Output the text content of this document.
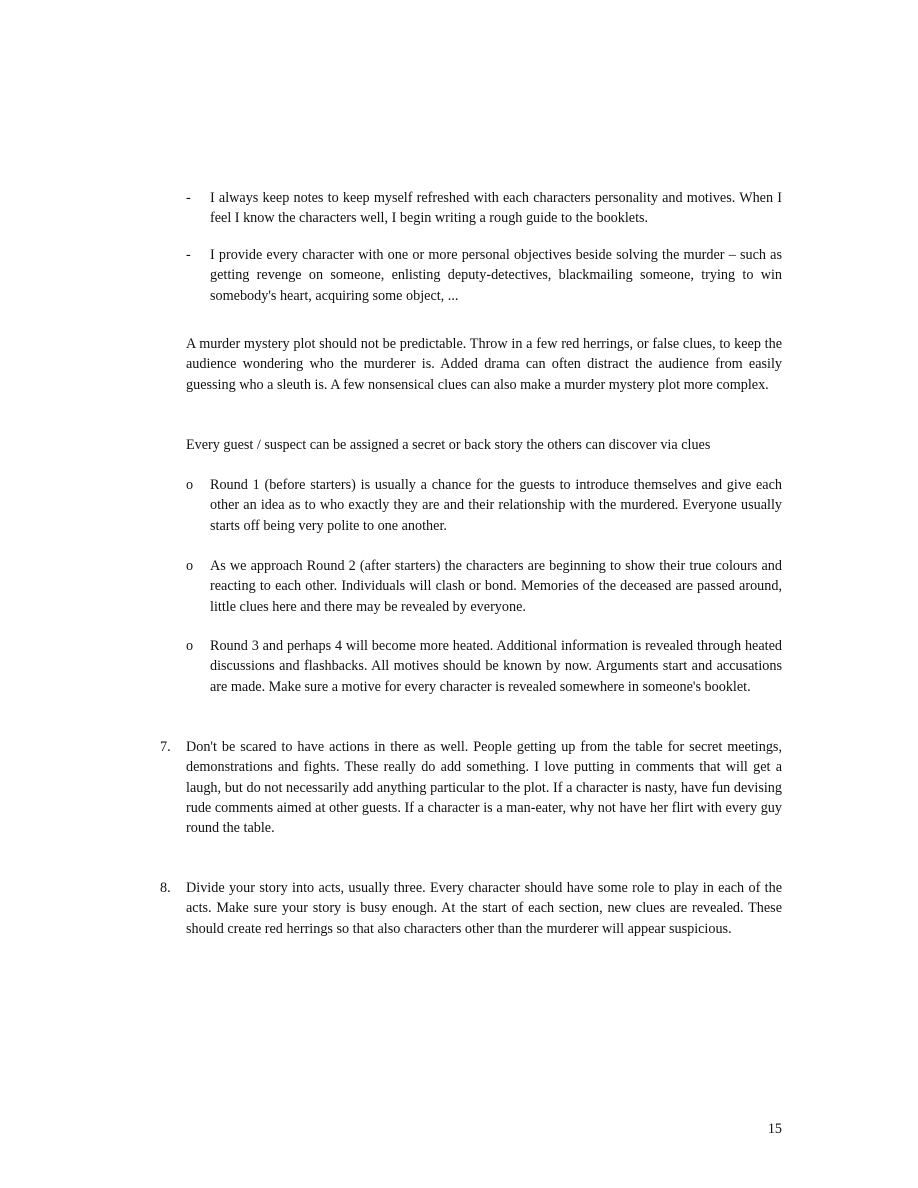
-	I always keep notes to keep myself refreshed with each characters personality and motives. When I feel I know the characters well, I begin writing a rough guide to the booklets.

-	I provide every character with one or more personal objectives beside solving the murder – such as getting revenge on someone, enlisting deputy-detectives, blackmailing someone, trying to win somebody's heart, acquiring some object, ...

A murder mystery plot should not be predictable. Throw in a few red herrings, or false clues, to keep the audience wondering who the murderer is. Added drama can often distract the audience from easily guessing who a sleuth is. A few nonsensical clues can also make a murder mystery plot more complex.

Every guest / suspect can be assigned a secret or back story the others can discover via clues

o	Round 1 (before starters) is usually a chance for the guests to introduce themselves and give each other an idea as to who exactly they are and their relationship with the murdered. Everyone usually starts off being very polite to one another.

o	As we approach Round 2 (after starters) the characters are beginning to show their true colours and reacting to each other. Individuals will clash or bond. Memories of the deceased are passed around, little clues here and there may be revealed by everyone.

o	Round 3 and perhaps 4 will become more heated. Additional information is revealed through heated discussions and flashbacks. All motives should be known by now. Arguments start and accusations are made. Make sure a motive for every character is revealed somewhere in someone's booklet.

7.	Don't be scared to have actions in there as well. People getting up from the table for secret meetings, demonstrations and fights. These really do add something. I love putting in comments that will get a laugh, but do not necessarily add anything particular to the plot. If a character is nasty, have fun devising rude comments aimed at other guests. If a character is a man-eater, why not have her flirt with every guy round the table.

8.	Divide your story into acts, usually three. Every character should have some role to play in each of the acts. Make sure your story is busy enough. At the start of each section, new clues are revealed. These should create red herrings so that also characters other than the murderer will appear suspicious.

15
